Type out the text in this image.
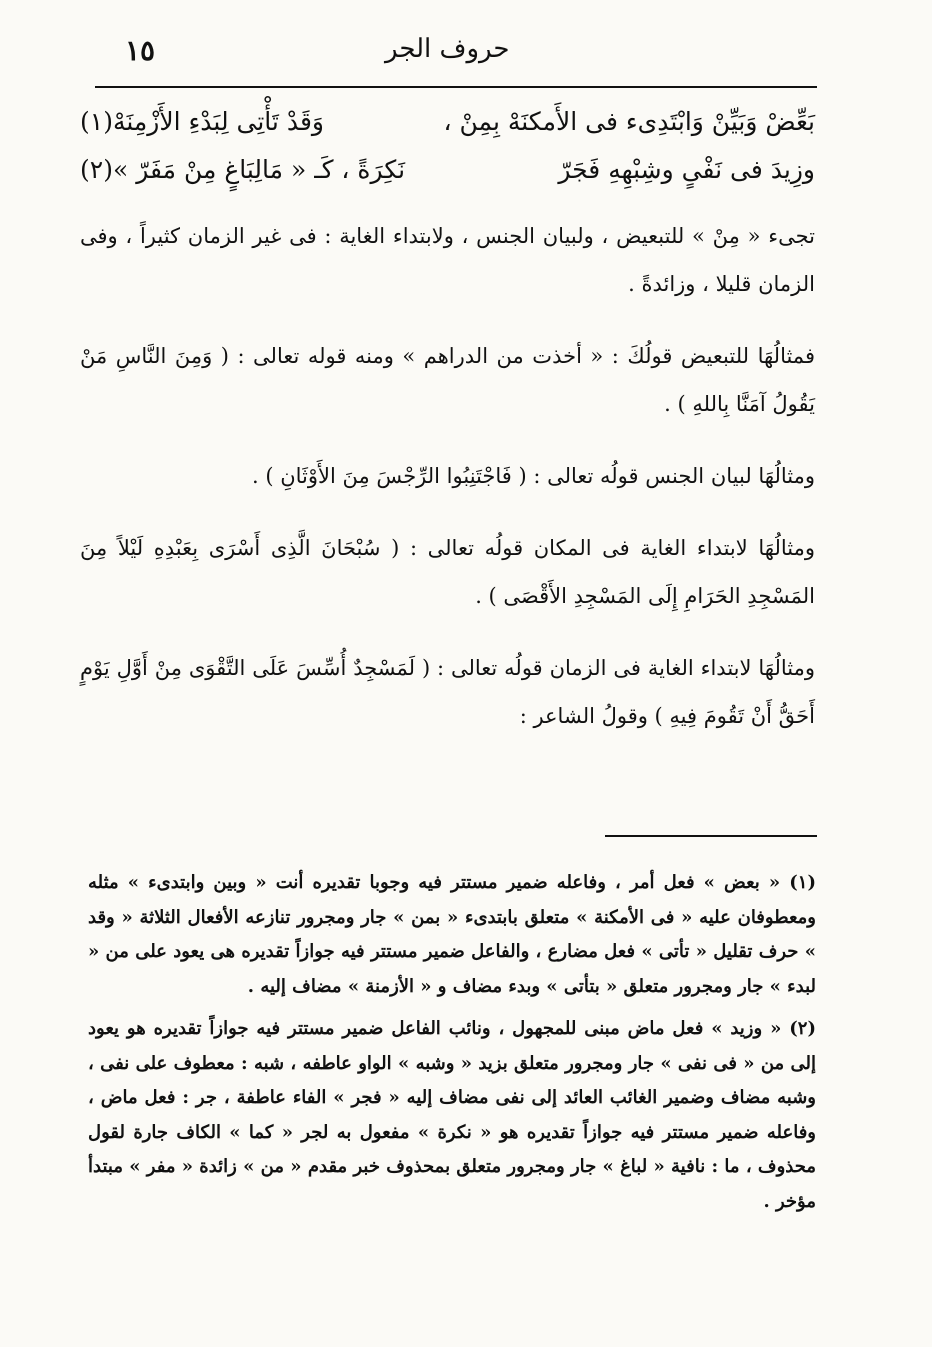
١٥	حروف الجر
بَعِّضْ وَبَيِّنْ وَابْتَدِىء فى الأَمكنَهْ بِمِنْ ،
وَقَدْ تَأْتِى لِبَدْءِ الأَزْمِنَهْ(١)
وزِيدَ فى نَفْىٍ وشِبْهِهِ فَجَرّ
نَكِرَةً ، كَـ « مَالِبَاغٍ مِنْ مَفَرّ »(٢)

تجىء « مِنْ » للتبعيض ، ولبيان الجنس ، ولابتداء الغاية : فى غير الزمان كثيراً ، وفى الزمان قليلا ، وزائدةً .

فمثالُهَا للتبعيض قولُكَ : « أخذت من الدراهم » ومنه قوله تعالى : ( وَمِنَ النَّاسِ مَنْ يَقُولُ آمَنَّا بِاللهِ ) .

ومثالُهَا لبيان الجنس قولُه تعالى : ( فَاجْتَنِبُوا الرِّجْسَ مِنَ الأَوْثَانِ ) .

ومثالُهَا لابتداء الغاية فى المكان قولُه تعالى : ( سُبْحَانَ الَّذِى أَسْرَى بِعَبْدِهِ لَيْلاً مِنَ المَسْجِدِ الحَرَامِ إِلَى المَسْجِدِ الأَقْصَى ) .

ومثالُهَا لابتداء الغاية فى الزمان قولُه تعالى : ( لَمَسْجِدٌ أُسِّسَ عَلَى التَّقْوَى مِنْ أَوَّلِ يَوْمٍ أَحَقُّ أَنْ تَقُومَ فِيهِ ) وقولُ الشاعر :

(١) « بعض » فعل أمر ، وفاعله ضمير مستتر فيه وجوبا تقديره أنت « وبين وابتدىء » مثله ومعطوفان عليه « فى الأمكنة » متعلق بابتدىء « بمن » جار ومجرور تنازعه الأفعال الثلاثة « وقد » حرف تقليل « تأتى » فعل مضارع ، والفاعل ضمير مستتر فيه جوازاً تقديره هى يعود على من « لبدء » جار ومجرور متعلق « بتأتى » وبدء مضاف و « الأزمنة » مضاف إليه .

(٢) « وزيد » فعل ماض مبنى للمجهول ، ونائب الفاعل ضمير مستتر فيه جوازاً تقديره هو يعود إلى من « فى نفى » جار ومجرور متعلق بزيد « وشبه » الواو عاطفه ، شبه : معطوف على نفى ، وشبه مضاف وضمير الغائب العائد إلى نفى مضاف إليه « فجر » الفاء عاطفة ، جر : فعل ماض ، وفاعله ضمير مستتر فيه جوازاً تقديره هو « نكرة » مفعول به لجر « كما » الكاف جارة لقول محذوف ، ما : نافية « لباغ » جار ومجرور متعلق بمحذوف خبر مقدم « من » زائدة « مفر » مبتدأ مؤخر .
